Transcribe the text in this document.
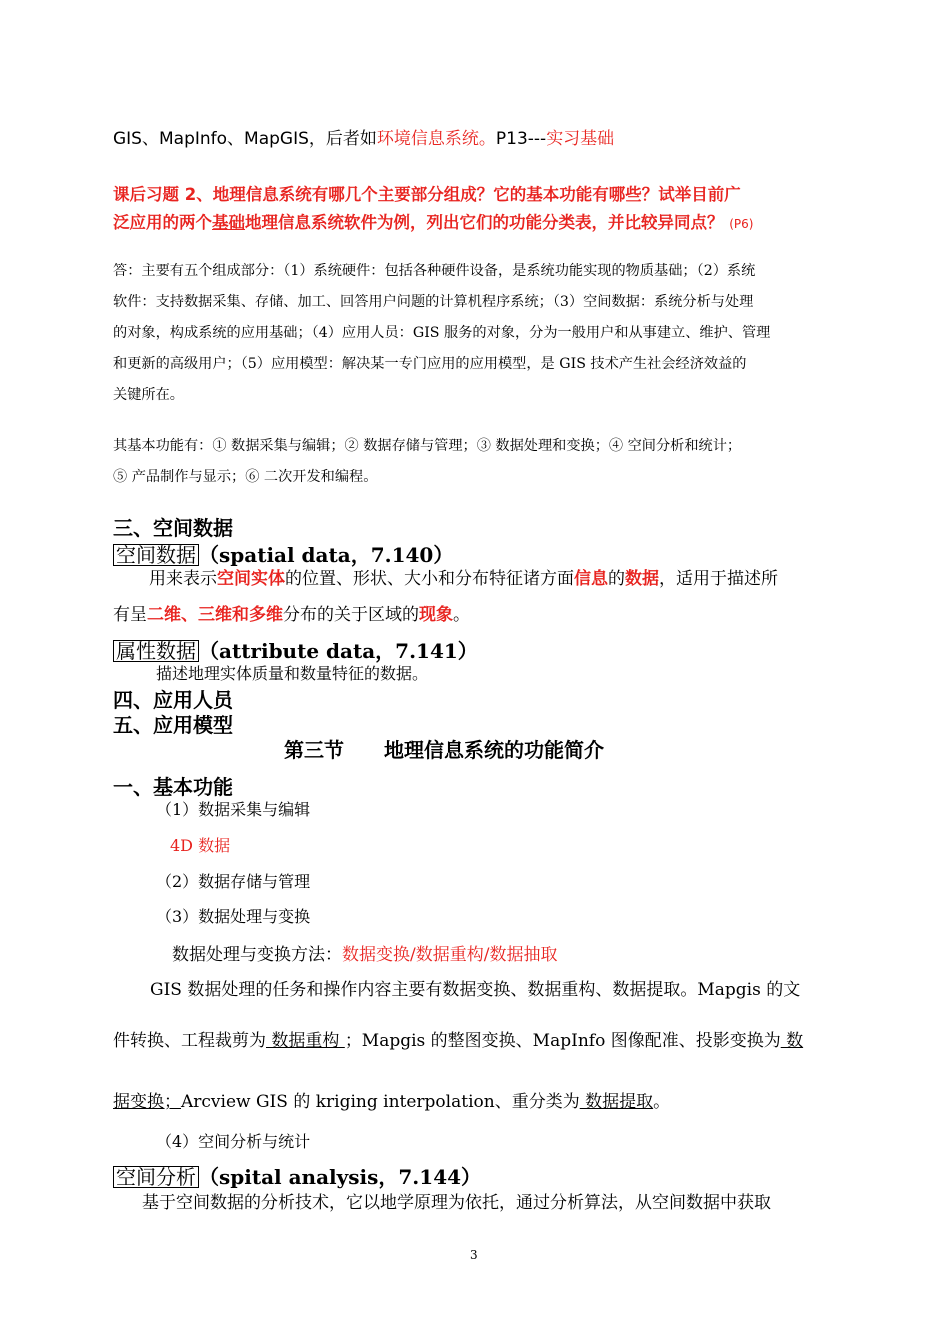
GIS、MapInfo、MapGIS，后者如环境信息系统。P13---实习基础
课后习题 2、地理信息系统有哪几个主要部分组成？它的基本功能有哪些？试举目前广
泛应用的两个基础地理信息系统软件为例，列出它们的功能分类表，并比较异同点？ (P6)
答：主要有五个组成部分：（1）系统硬件：包括各种硬件设备，是系统功能实现的物质基础；（2）系统
软件：支持数据采集、存储、加工、回答用户问题的计算机程序系统；（3）空间数据：系统分析与处理
的对象，构成系统的应用基础；（4）应用人员：GIS 服务的对象，分为一般用户和从事建立、维护、管理
和更新的高级用户；（5）应用模型：解决某一专门应用的应用模型，是 GIS 技术产生社会经济效益的
关键所在。
其基本功能有：① 数据采集与编辑；② 数据存储与管理；③ 数据处理和变换；④ 空间分析和统计；
⑤ 产品制作与显示；⑥ 二次开发和编程。
三、空间数据
空间数据 （spatial data，7.140）
用来表示空间实体的位置、形状、大小和分布特征诸方面信息的数据，适用于描述所
有呈二维、三维和多维分布的关于区域的现象。
属性数据 （attribute data，7.141）
描述地理实体质量和数量特征的数据。
四、应用人员
五、应用模型
第三节　　地理信息系统的功能简介
一、基本功能
（1）数据采集与编辑
4D 数据
（2）数据存储与管理
（3）数据处理与变换
数据处理与变换方法：数据变换/数据重构/数据抽取
GIS 数据处理的任务和操作内容主要有数据变换、数据重构、数据提取。Mapgis 的文
件转换、工程裁剪为 数据重构 ；Mapgis 的整图变换、MapInfo 图像配准、投影变换为 数
据变换；Arcview GIS 的 kriging interpolation、重分类为 数据提取。
（4）空间分析与统计
空间分析 （spital analysis，7.144）
基于空间数据的分析技术，它以地学原理为依托，通过分析算法，从空间数据中获取
3
